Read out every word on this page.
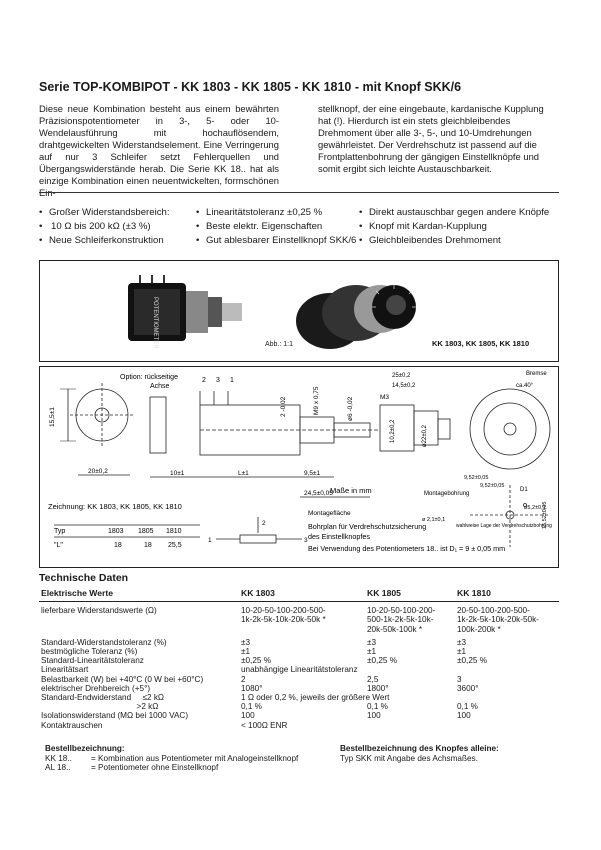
Serie TOP-KOMBIPOT - KK 1803 - KK 1805 - KK 1810 - mit Knopf SKK/6

Diese neue Kombination besteht aus einem bewährten Präzisionspotentiometer in 3-, 5- oder 10-Wendelausführung mit hochauflösendem, drahtgewickelten Widerstandselement. Eine Verringerung auf nur 3 Schleifer setzt Fehlerquellen und Übergangswiderstände herab. Die Serie KK 18.. hat als einzige Kombination einen neuentwickelten, formschönen

stellknopf, der eine eingebaute, kardanische Kupplung hat (!). Hierdurch ist ein stets gleichbleibendes Drehmoment über alle 3-, 5-, und 10-Umdrehungen gewährleistet. Der Verdrehschutz ist passend auf die Frontplattenbohrung der gängigen Einstellknöpfe und somit ergibt sich leichte Austauschbarkeit.

• Großer Widerstandsbereich:
• 10 Ω bis 200 kΩ (±3 %)
• Neue Schleiferkonstruktion
• Linearitätstoleranz ±0,25 %
• Beste elektr. Eigenschaften
• Gut ablesbarer Einstellknopf SKK/6
• Direkt austauschbar gegen andere Knöpfe
• Knopf mit Kardan-Kupplung
• Gleichbleibendes Drehmoment
POTENTIOMETER	Abb.: 1:1	KK 1803, KK 1805, KK 1810
Option: rückseitige
Achse
2 3 1
15,5±1
20±0,2	10±1	L±1	9,5±1
24,5±0,05
2 -0,02	M9 x 0,75	ø6 -0,02
25±0,2
14,5±0,2
M3
10,2±0,2	ø22±0,2
Bremse
ca.40°
Maße in mm
Montagefläche
Montagebohrung
9,52±0,05
9,52±0,05
D1
ø5,2±0,1
ø 2,1±0,1
wahlweise Lage der Verdrehschutzbohrung
15,52±0,05
Zeichnung: KK 1803, KK 1805, KK 1810
Typ	1803 1805 1810
"L"	18	18 25,5
2
1	3
Bohrplan für Verdrehschutzsicherung
des Einstellknopfes
Bei Verwendung des Potentiometers 18.. ist D₁ = 9 ± 0,05 mm
Technische Daten
Elektrische Werte	KK 1803	KK 1805	KK 1810
lieferbare Widerstandswerte (Ω)	10-20-50-100-200-500-
1k-2k-5k-10k-20k-50k *	10-20-50-100-200-
500-1k-2k-5k-10k-
20k-50k-100k *	20-50-100-200-500-
1k-2k-5k-10k-20k-50k-
100k-200k *
Standard-Widerstandstoleranz (%)	±3	±3	±3
bestmögliche Toleranz (%)	±1	±1	±1
Standard-Linearitätstoleranz	±0,25 %	±0,25 %	±0,25 %
Linearitätsart	unabhängige Linearitätstoleranz		
Belastbarkeit (W) bei +40°C (0 W bei +60°C)	2	2,5	3
elektrischer Drehbereich (+5°)	1080°	1800°	3600°
Standard-Endwiderstand     ≤2 kΩ	1 Ω oder 0,2 %, jeweils der größere Wert		
>2 kΩ	0,1 %	0,1 %	0,1 %
Isolationswiderstand (MΩ bei 1000 VAC)	100	100	100
Kontaktrauschen	< 100Ω ENR		
Bestellbezeichnung:
KK 18.. = Kombination aus Potentiometer mit Analogeinstellknopf
AL 18.. = Potentiometer ohne Einstellknopf
Bestellbezeichnung des Knopfes alleine:
Typ SKK mit Angabe des Achsmaßes.
